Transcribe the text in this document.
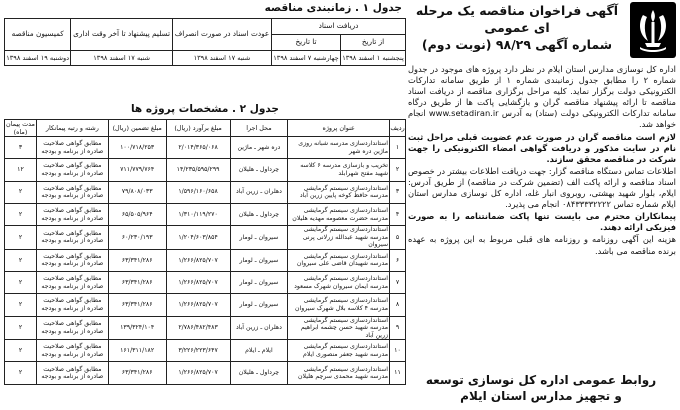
آگهی فراخوان مناقصه یک مرحله ای عمومی
شماره آگهی ۹۸/۲۹ (نوبت دوم)

اداره کل نوسازی مدارس استان ایلام در نظر دارد پروژه های موجود در جدول شماره ۲ را مطابق جدول زمانبندی شماره ۱ از طریق سامانه تدارکات الکترونیکی دولت برگزار نماید. کلیه مراحل برگزاری مناقصه از دریافت اسناد مناقصه تا ارائه پیشنهاد مناقصه گران و بازگشایی پاکت ها از طریق درگاه سامانه تدارکات الکترونیکی دولت (ستاد) به آدرس www.setadiran.ir انجام خواهد شد.

لازم است مناقصه گران در صورت عدم عضویت قبلی مراحل ثبت نام در سایت مذکور و دریافت گواهی امضاء الکترونیکی را جهت شرکت در مناقصه محقق سازند.

اطلاعات تماس دستگاه مناقصه گزار: جهت دریافت اطلاعات بیشتر در خصوص اسناد مناقصه و ارائه پاکت الف (تضمین شرکت در مناقصه) از طریق آدرس: ایلام، بلوار شهید بهشتی، روبروی انبار غله، اداره کل نوسازی مدارس استان ایلام شماره تماس ۰۸۴۳۳۳۳۲۲۲۲ انجام می پذیرد.

پیمانکاران محترم می بایست تنها پاکت ضمانتنامه را به صورت فیزیکی ارائه دهند.

هزینه این آگهی روزنامه و روزنامه های قبلی مربوط به این پروژه به عهده برنده مناقصه می باشد.

روابط عمومی اداره کل نوسازی توسعه
و تجهیز مدارس استان ایلام
جدول ۱ . زمانبندی مناقصه
دریافت اسناد		عودت اسناد در صورت انصراف	تسلیم پیشنهاد تا آخر وقت اداری	کمیسیون مناقصه
از تاریخ	تا تاریخ			
پنجشنبه ۱ اسفند ۱۳۹۸	چهارشنبه ۷ اسفند ۱۳۹۸	شنبه ۱۷ اسفند ۱۳۹۸	شنبه ۱۷ اسفند ۱۳۹۸	دوشنبه ۱۹ اسفند ۱۳۹۸
جدول ۲ . مشخصات پروژه ها
ردیف	عنوان پروژه	محل اجرا	مبلغ برآورد (ریال)	مبلغ تضمین (ریال)	رشته و رتبه پیمانکار	مدت پیمان (ماه)
۱	استانداردسازی مدرسه شبانه روزی ماژین دره شهر	دره شهر ـ ماژین	۲/۰۱۴/۳۶۵/۰۶۸	۱۰۰/۷۱۸/۲۵۳	مطابق گواهی صلاحیت صادره از برنامه و بودجه	۳
۲	تخریب و بازسازی مدرسه ۶ کلاسه شهید مفتح شهرابلد	چرداول ـ هلیلان	۱۴/۲۳۵/۵۹۵/۲۹۹	۷۱۱/۷۷۹/۷۶۴	مطابق گواهی صلاحیت صادره از برنامه و بودجه	۱۲
۳	استانداردسازی سیستم گرمایشی مدرسه حافظ کوخه پایین زرین آباد	دهلران ـ زرین آباد	۱/۵۹۶/۱۶۰/۶۵۸	۷۹/۸۰۸/۰۳۳	مطابق گواهی صلاحیت صادره از برنامه و بودجه	۲
۴	استانداردسازی سیستم گرمایشی مدرسه حضرت معصومه مهدیه هلیلان	چرداول ـ هلیلان	۱/۳۱۰/۱۱۹/۲۷۰	۶۵/۵۰۵/۹۶۴	مطابق گواهی صلاحیت صادره از برنامه و بودجه	۲
۵	استانداردسازی سیستم گرمایشی مدرسه شهید عبدالله زرلانی پرنی سیروان	سیروان ـ لومار	۱/۲۰۴/۶۰۳/۸۵۴	۶۰/۲۳۰/۱۹۳	مطابق گواهی صلاحیت صادره از برنامه و بودجه	۲
۶	استانداردسازی سیستم گرمایشی مدرسه شهیدان قاضی علی سیروان	سیروان ـ لومار	۱/۲۶۶/۸۲۵/۷۰۷	۶۳/۳۴۱/۲۸۶	مطابق گواهی صلاحیت صادره از برنامه و بودجه	۲
۷	استانداردسازی سیستم گرمایشی مدرسه ایمان سیروان شهرک مسعود	سیروان ـ لومار	۱/۲۶۶/۸۲۵/۷۰۷	۶۳/۳۴۱/۲۸۶	مطابق گواهی صلاحیت صادره از برنامه و بودجه	۲
۸	استانداردسازی سیستم گرمایشی مدرسه ۴ کلاسه بلال شهرک سیروان	سیروان ـ لومار	۱/۲۶۶/۸۲۵/۷۰۷	۶۳/۳۴۱/۲۸۶	مطابق گواهی صلاحیت صادره از برنامه و بودجه	۲
۹	استانداردسازی سیستم گرمایشی مدرسه شهید حسن چشمه ابراهیم زرین آباد	دهلران ـ زرین آباد	۲/۷۸۶/۴۸۲/۴۸۳	۱۳۹/۳۲۴/۱۰۴	مطابق گواهی صلاحیت صادره از برنامه و بودجه	۲
۱۰	استانداردسازی سیستم گرمایشی مدرسه شهید جعفر منصوری ایلام	ایلام ـ ایلام	۳/۲۲۶/۲۲۳/۶۴۷	۱۶۱/۳۱۱/۱۸۲	مطابق گواهی صلاحیت صادره از برنامه و بودجه	۲
۱۱	استانداردسازی سیستم گرمایشی مدرسه شهید محمدی سرچم هلیلان	چرداول ـ هلیلان	۱/۲۶۶/۸۲۵/۷۰۷	۶۳/۳۴۱/۲۸۶	مطابق گواهی صلاحیت صادره از برنامه و بودجه	۲
